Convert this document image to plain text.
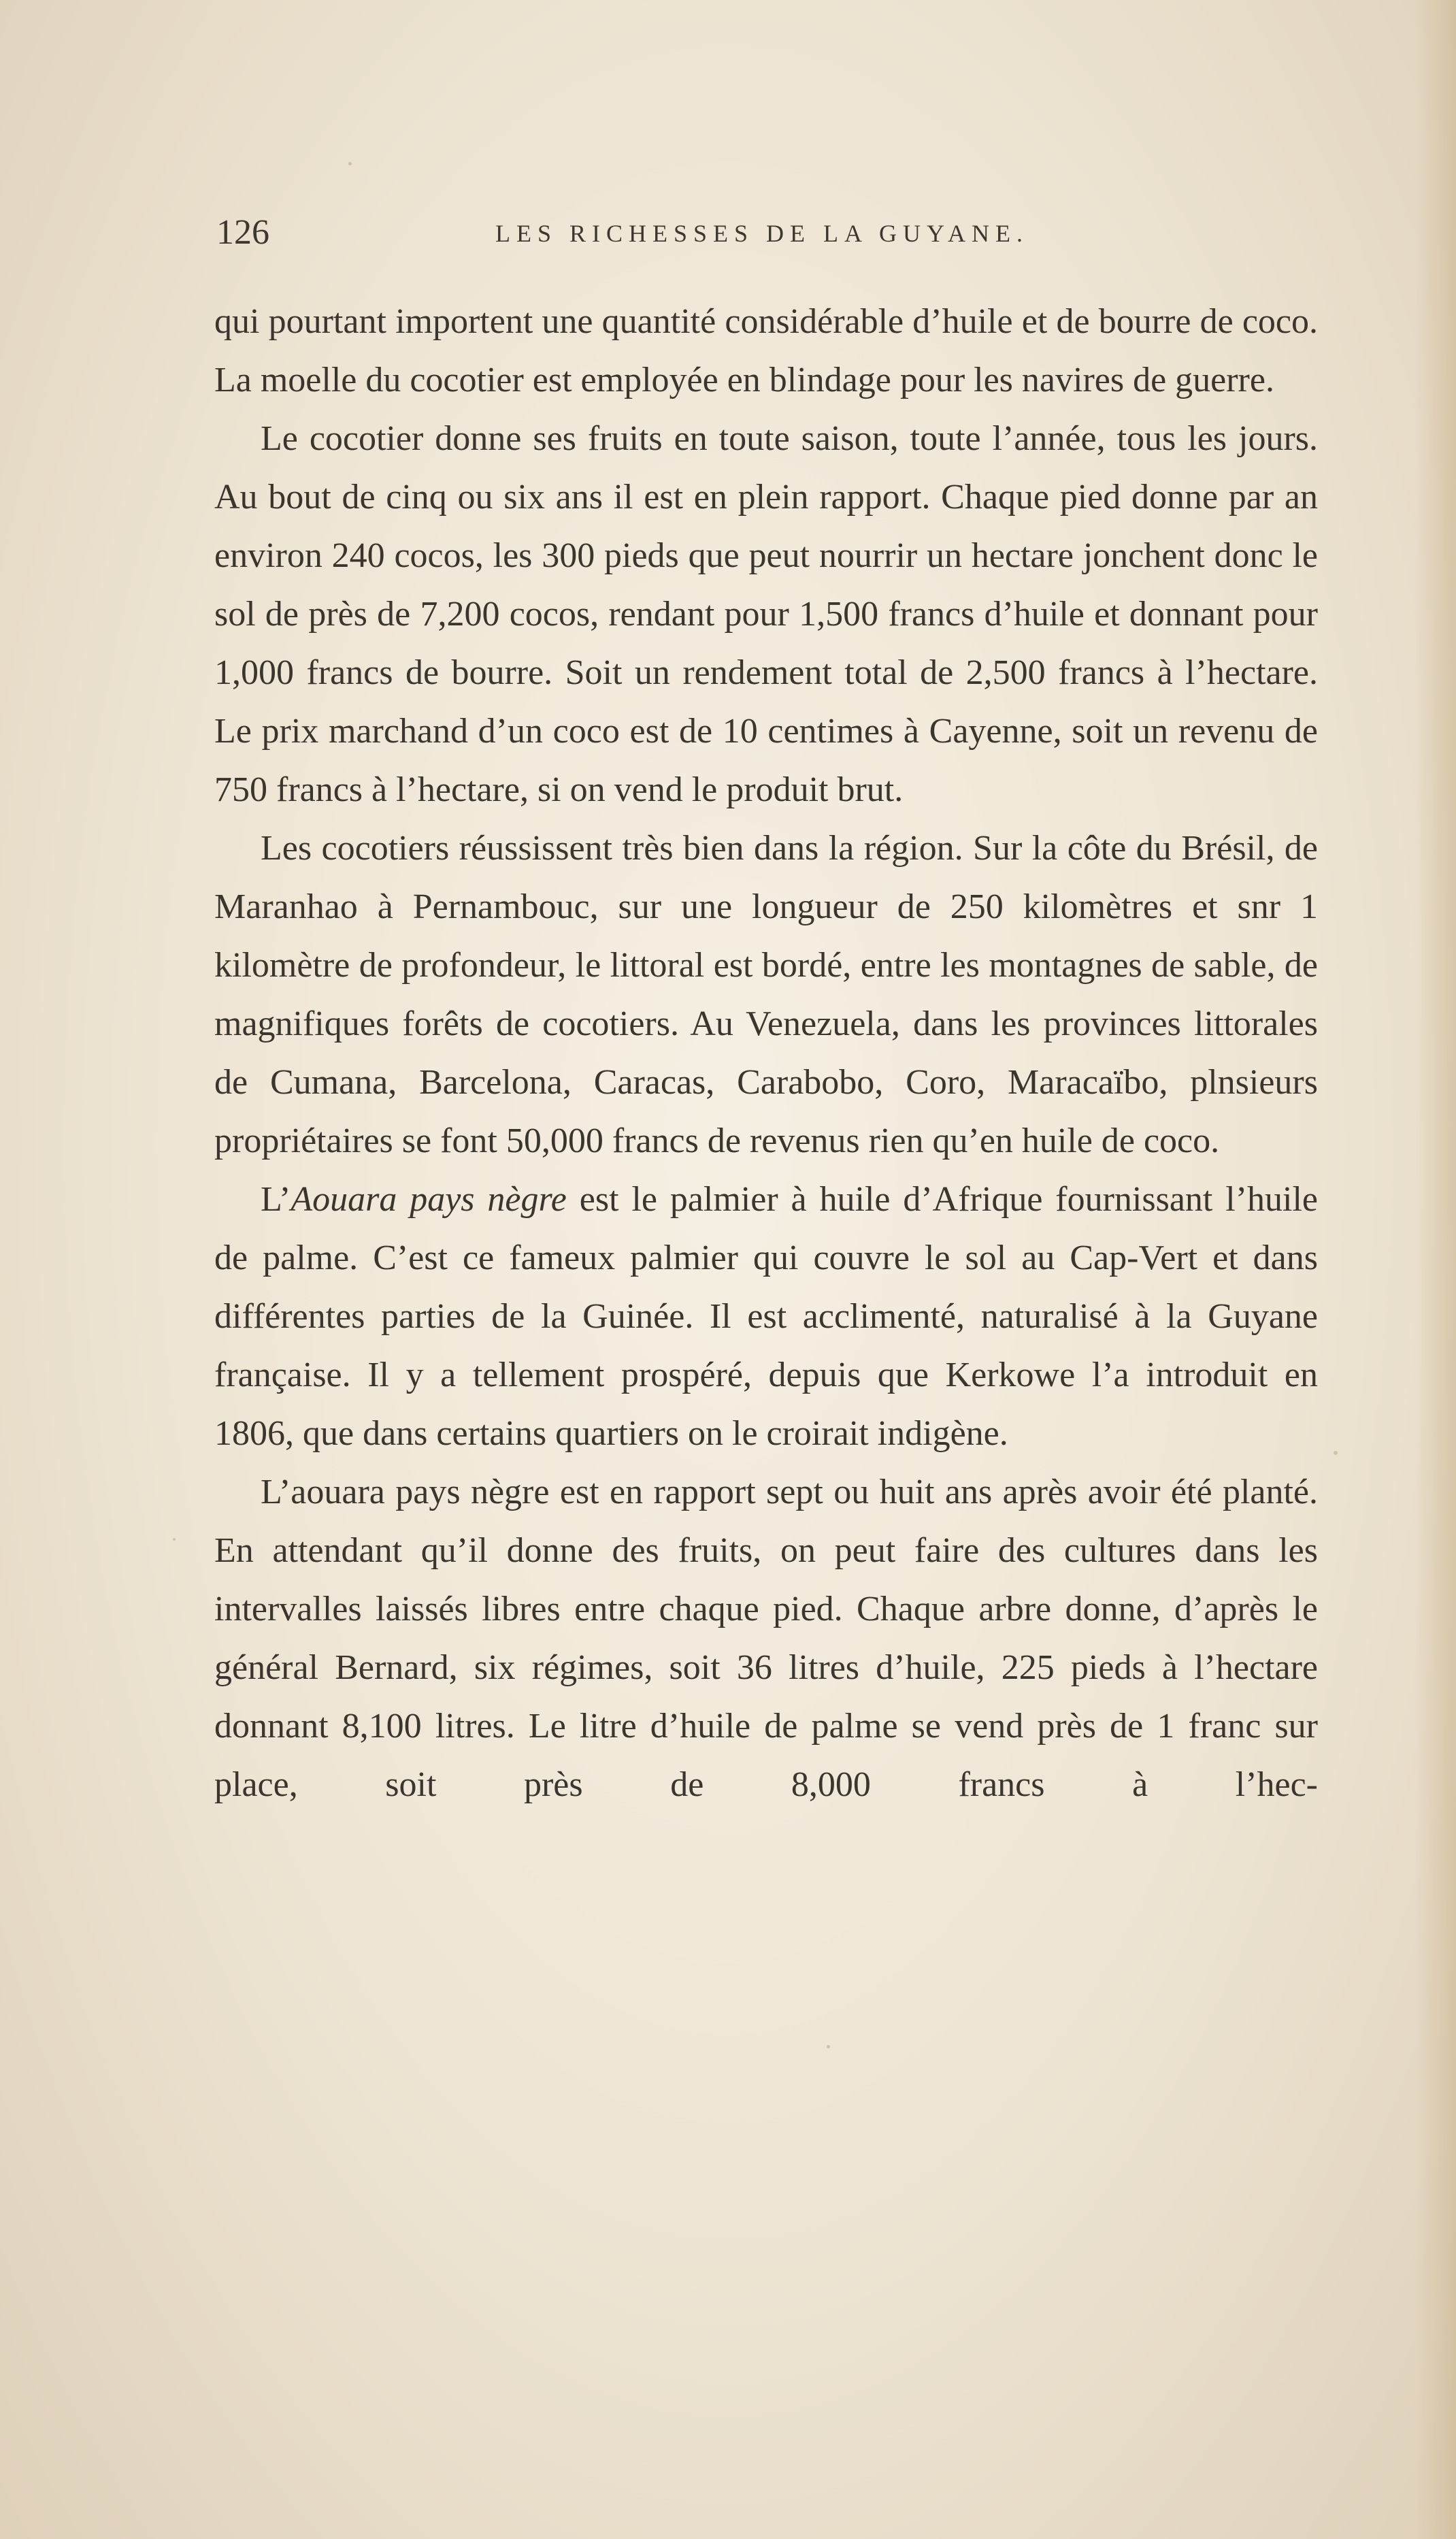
126	LES RICHESSES DE LA GUYANE.

qui pourtant importent une quantité considérable d’huile et de bourre de coco. La moelle du cocotier est employée en blindage pour les navires de guerre.

Le cocotier donne ses fruits en toute saison, toute l’année, tous les jours. Au bout de cinq ou six ans il est en plein rapport. Chaque pied donne par an environ 240 cocos, les 300 pieds que peut nourrir un hectare jonchent donc le sol de près de 7,200 cocos, rendant pour 1,500 francs d’huile et donnant pour 1,000 francs de bourre. Soit un rendement total de 2,500 francs à l’hectare. Le prix marchand d’un coco est de 10 centimes à Cayenne, soit un revenu de 750 francs à l’hectare, si on vend le produit brut.

Les cocotiers réussissent très bien dans la région. Sur la côte du Brésil, de Maranhao à Pernambouc, sur une longueur de 250 kilomètres et snr 1 kilomètre de profondeur, le littoral est bordé, entre les montagnes de sable, de magnifiques forêts de cocotiers. Au Venezuela, dans les provinces littorales de Cumana, Barcelona, Caracas, Carabobo, Coro, Maracaïbo, plnsieurs propriétaires se font 50,000 francs de revenus rien qu’en huile de coco.

L’Aouara pays nègre est le palmier à huile d’Afrique fournissant l’huile de palme. C’est ce fameux palmier qui couvre le sol au Cap-Vert et dans différentes parties de la Guinée. Il est acclimenté, naturalisé à la Guyane française. Il y a tellement prospéré, depuis que Kerkowe l’a introduit en 1806, que dans certains quartiers on le croirait indigène.

L’aouara pays nègre est en rapport sept ou huit ans après avoir été planté. En attendant qu’il donne des fruits, on peut faire des cultures dans les intervalles laissés libres entre chaque pied. Chaque arbre donne, d’après le général Bernard, six régimes, soit 36 litres d’huile, 225 pieds à l’hectare donnant 8,100 litres. Le litre d’huile de palme se vend près de 1 franc sur place, soit près de 8,000 francs à l’hec-
